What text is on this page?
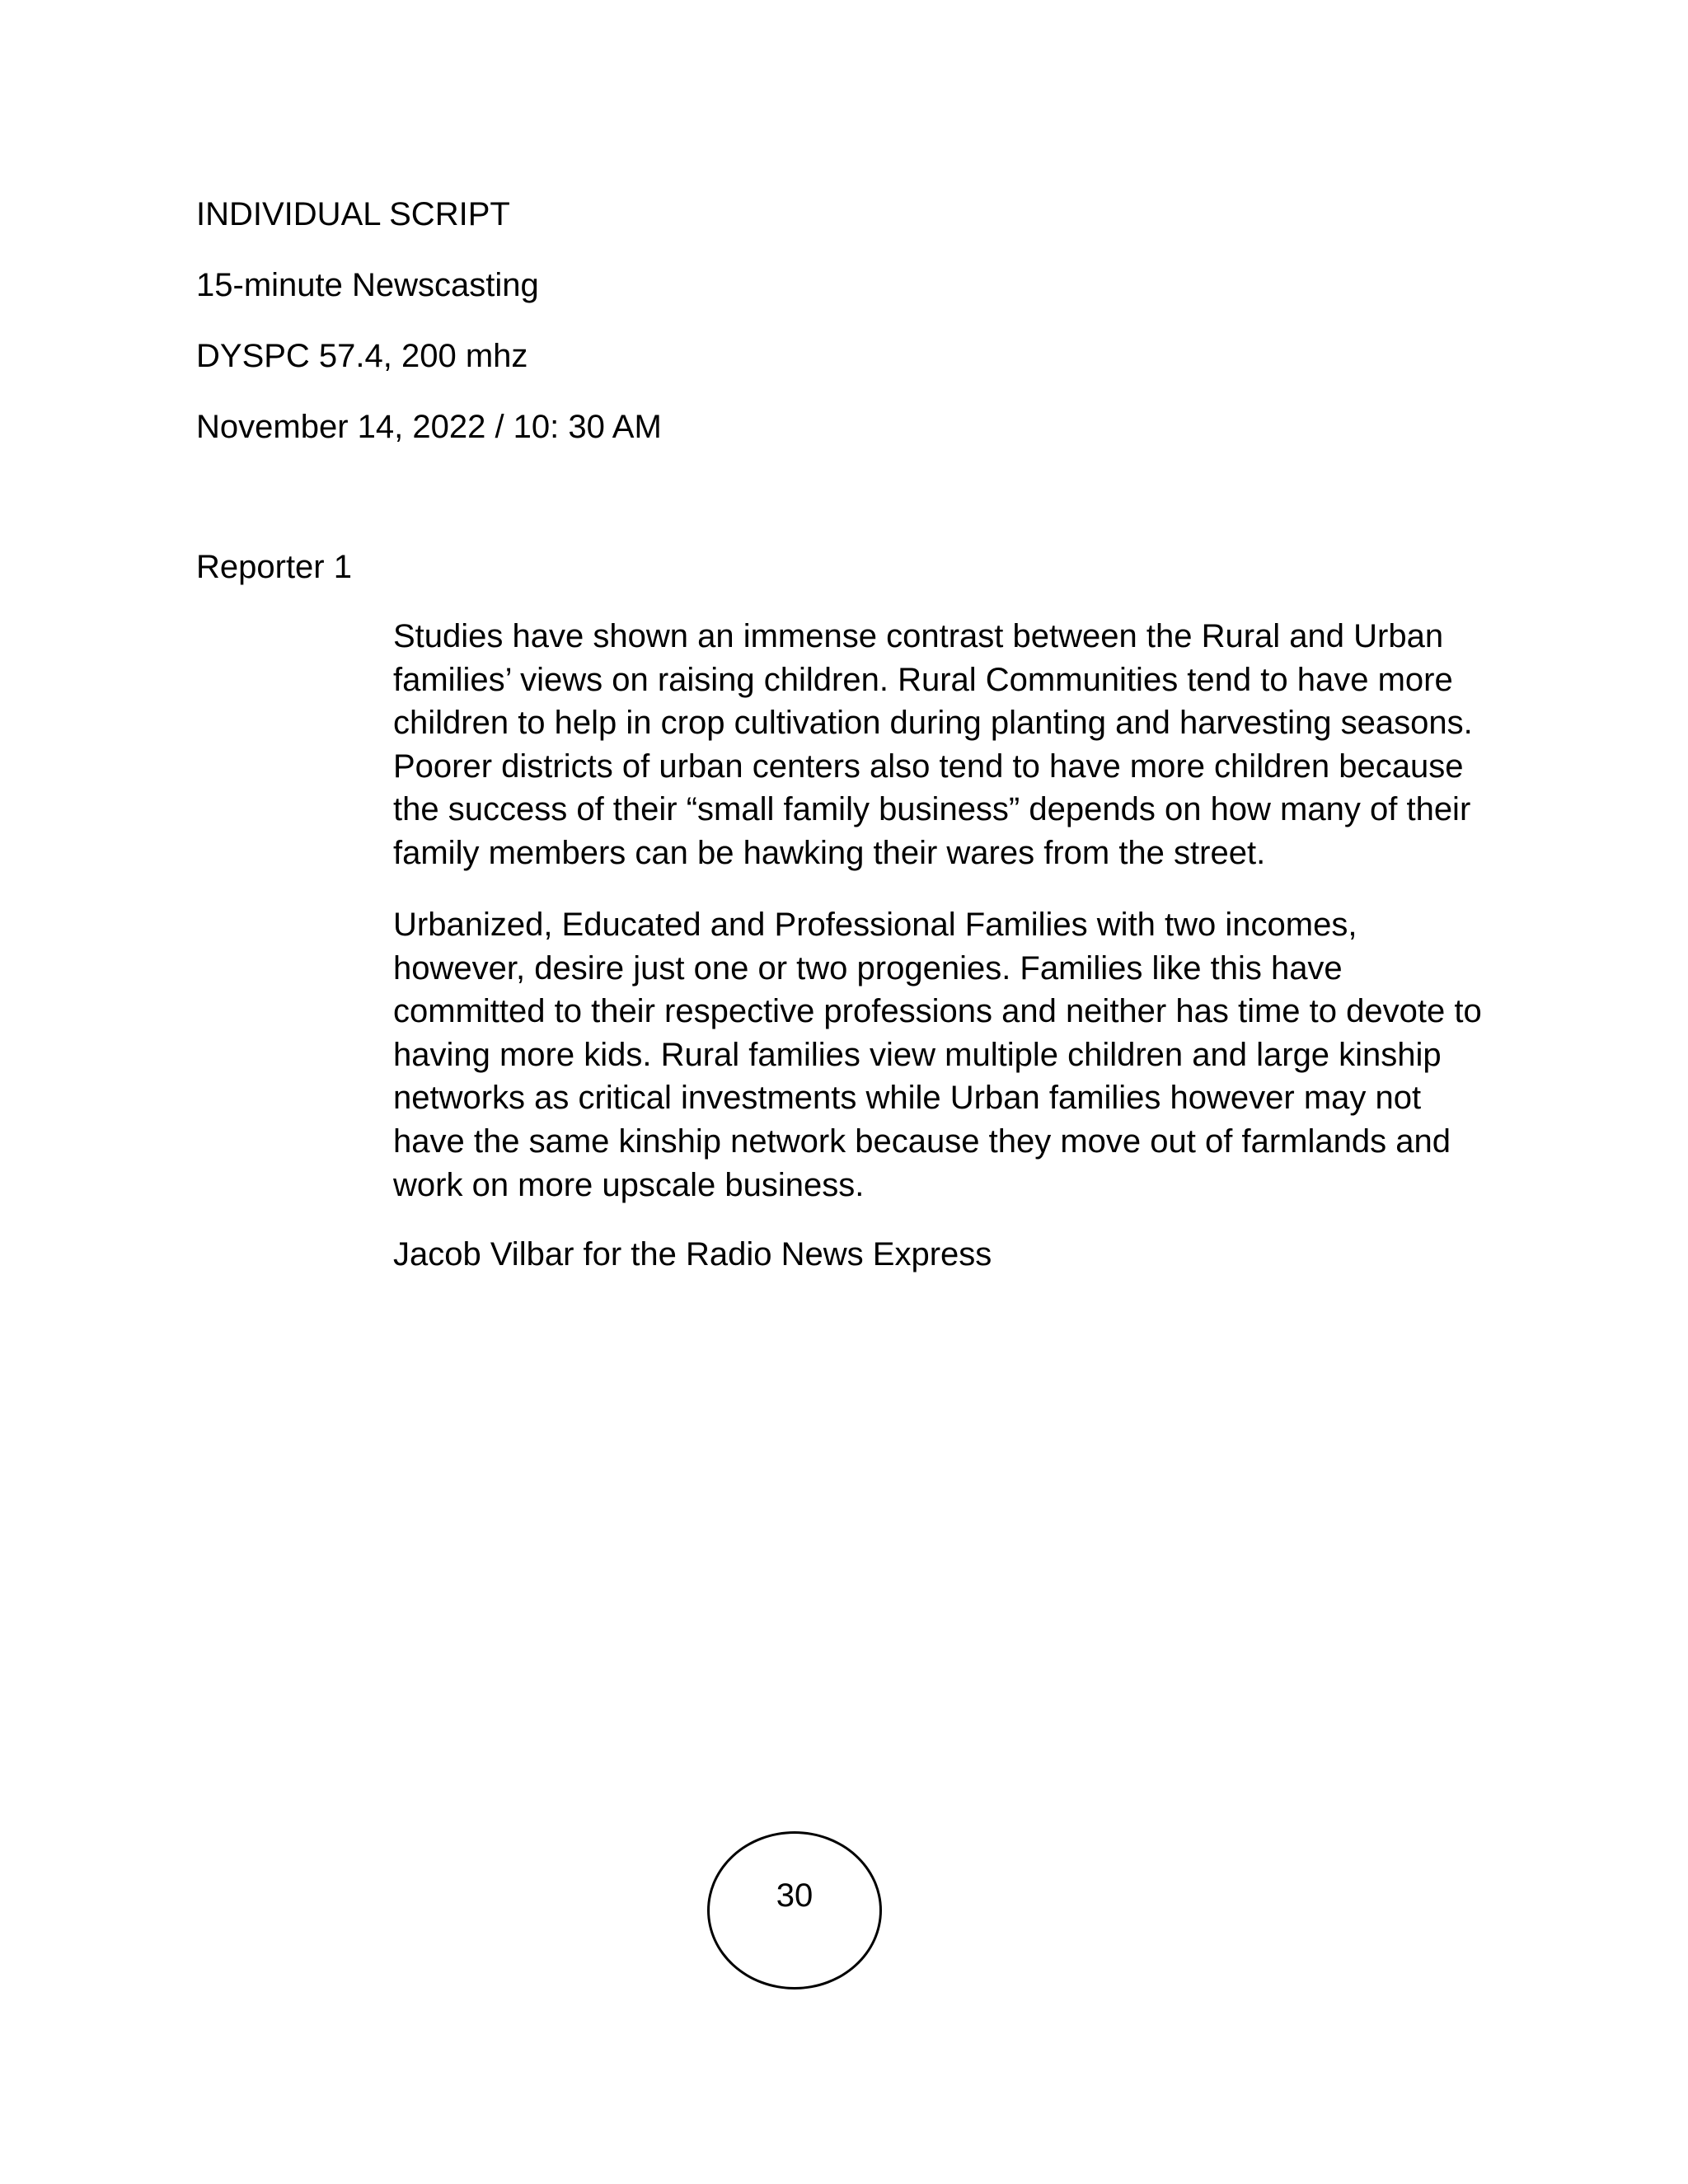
INDIVIDUAL SCRIPT
15-minute Newscasting
DYSPC 57.4, 200 mhz
November 14, 2022 / 10: 30 AM
Reporter 1
Studies have shown an immense contrast between the Rural and Urban families’ views on raising children. Rural Communities tend to have more children to help in crop cultivation during planting and harvesting seasons. Poorer districts of urban centers also tend to have more children because the success of their “small family business” depends on how many of their family members can be hawking their wares from the street.
Urbanized, Educated and Professional Families with two incomes, however, desire just one or two progenies. Families like this have committed to their respective professions and neither has time to devote to having more kids. Rural families view multiple children and large kinship networks as critical investments while Urban families however may not have the same kinship network because they move out of farmlands and work on more upscale business.
Jacob Vilbar for the Radio News Express
30
